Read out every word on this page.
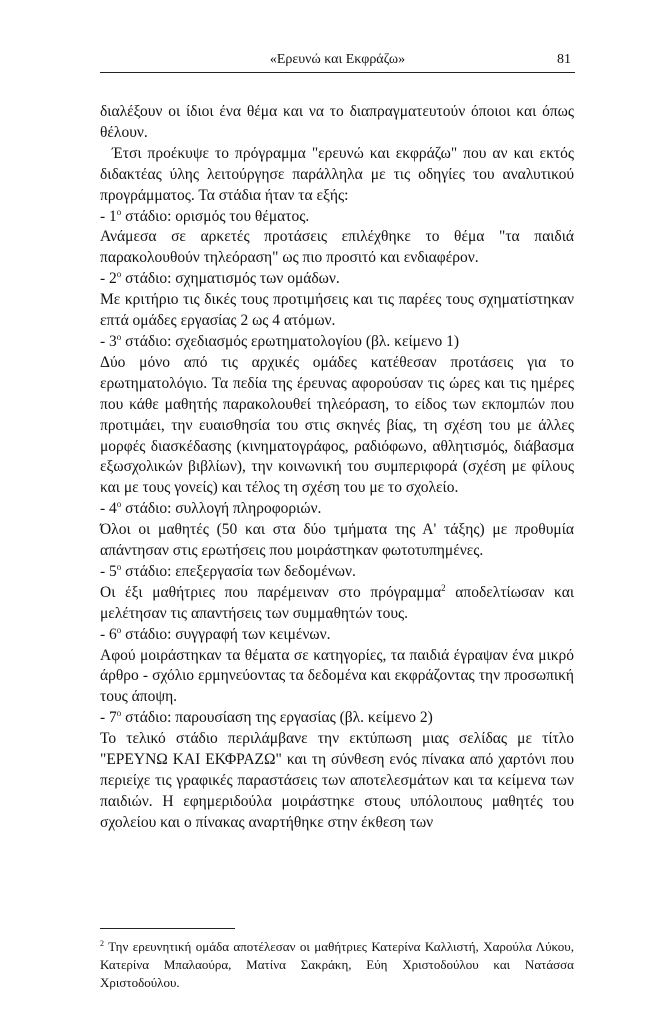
«Ερευνώ και Εκφράζω»	81

διαλέξουν οι ίδιοι ένα θέμα και να το διαπραγματευτούν όποιοι και όπως θέλουν.

Έτσι προέκυψε το πρόγραμμα "ερευνώ και εκφράζω" που αν και εκτός διδακτέας ύλης λειτούργησε παράλληλα με τις οδηγίες του αναλυτικού προγράμματος. Τα στάδια ήταν τα εξής:

- $1^o$ στάδιο: ορισμός του θέματος.

Ανάμεσα σε αρκετές προτάσεις επιλέχθηκε το θέμα "τα παιδιά παρακολουθούν τηλεόραση" ως πιο προσιτό και ενδιαφέρον.

- $2^o$ στάδιο: σχηματισμός των ομάδων.

Με κριτήριο τις δικές τους προτιμήσεις και τις παρέες τους σχηματίστηκαν επτά ομάδες εργασίας 2 ως 4 ατόμων.

- $3^o$ στάδιο: σχεδιασμός ερωτηματολογίου (βλ. κείμενο 1)

Δύο μόνο από τις αρχικές ομάδες κατέθεσαν προτάσεις για το ερωτηματολόγιο. Τα πεδία της έρευνας αφορούσαν τις ώρες και τις ημέρες που κάθε μαθητής παρακολουθεί τηλεόραση, το είδος των εκπομπών που προτιμάει, την ευαισθησία του στις σκηνές βίας, τη σχέση του με άλλες μορφές διασκέδασης (κινηματογράφος, ραδιόφωνο, αθλητισμός, διάβασμα εξωσχολικών βιβλίων), την κοινωνική του συμπεριφορά (σχέση με φίλους και με τους γονείς) και τέλος τη σχέση του με το σχολείο.

- $4^o$ στάδιο: συλλογή πληροφοριών.

Όλοι οι μαθητές (50 και στα δύο τμήματα της Α' τάξης) με προθυμία απάντησαν στις ερωτήσεις που μοιράστηκαν φωτοτυπημένες.

- $5^o$ στάδιο: επεξεργασία των δεδομένων.

Οι έξι μαθήτριες που παρέμειναν στο πρόγραμμα$^2$ αποδελτίωσαν και μελέτησαν τις απαντήσεις των συμμαθητών τους.

- $6^o$ στάδιο: συγγραφή των κειμένων.

Αφού μοιράστηκαν τα θέματα σε κατηγορίες, τα παιδιά έγραψαν ένα μικρό άρθρο - σχόλιο ερμηνεύοντας τα δεδομένα και εκφράζοντας την προσωπική τους άποψη.

- $7^o$ στάδιο: παρουσίαση της εργασίας (βλ. κείμενο 2)

Το τελικό στάδιο περιλάμβανε την εκτύπωση μιας σελίδας με τίτλο "ΕΡΕΥΝΩ ΚΑΙ ΕΚΦΡΑΖΩ" και τη σύνθεση ενός πίνακα από χαρτόνι που περιείχε τις γραφικές παραστάσεις των αποτελεσμάτων και τα κείμενα των παιδιών. Η εφημεριδούλα μοιράστηκε στους υπόλοιπους μαθητές του σχολείου και ο πίνακας αναρτήθηκε στην έκθεση των

$^2$ Την ερευνητική ομάδα αποτέλεσαν οι μαθήτριες Κατερίνα Καλλιστή, Χαρούλα Λύκου, Κατερίνα Μπαλαούρα, Ματίνα Σακράκη, Εύη Χριστοδούλου και Νατάσσα Χριστοδούλου.
